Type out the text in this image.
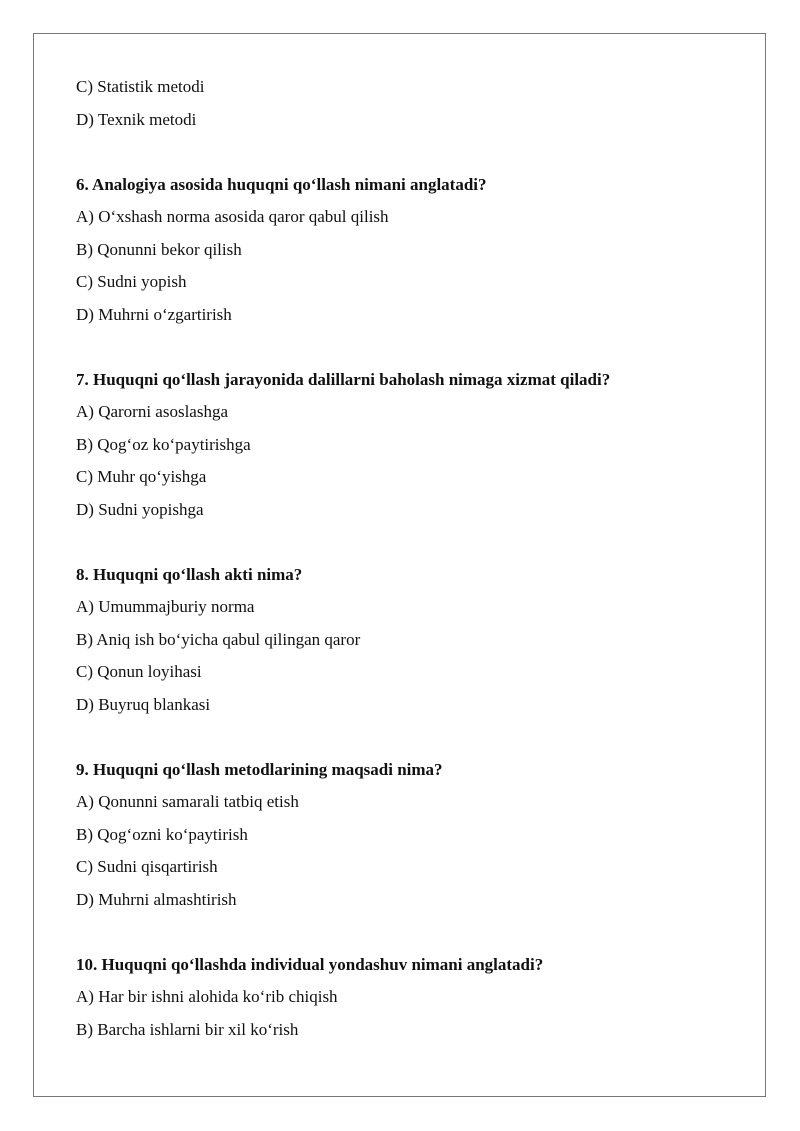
C) Statistik metodi
D) Texnik metodi
6. Analogiya asosida huquqni qo‘llash nimani anglatadi?
A) O‘xshash norma asosida qaror qabul qilish
B) Qonunni bekor qilish
C) Sudni yopish
D) Muhrni o‘zgartirish
7. Huquqni qo‘llash jarayonida dalillarni baholash nimaga xizmat qiladi?
A) Qarorni asoslashga
B) Qog‘oz ko‘paytirishga
C) Muhr qo‘yishga
D) Sudni yopishga
8. Huquqni qo‘llash akti nima?
A) Umummajburiy norma
B) Aniq ish bo‘yicha qabul qilingan qaror
C) Qonun loyihasi
D) Buyruq blankasi
9. Huquqni qo‘llash metodlarining maqsadi nima?
A) Qonunni samarali tatbiq etish
B) Qog‘ozni ko‘paytirish
C) Sudni qisqartirish
D) Muhrni almashtirish
10. Huquqni qo‘llashda individual yondashuv nimani anglatadi?
A) Har bir ishni alohida ko‘rib chiqish
B) Barcha ishlarni bir xil ko‘rish
